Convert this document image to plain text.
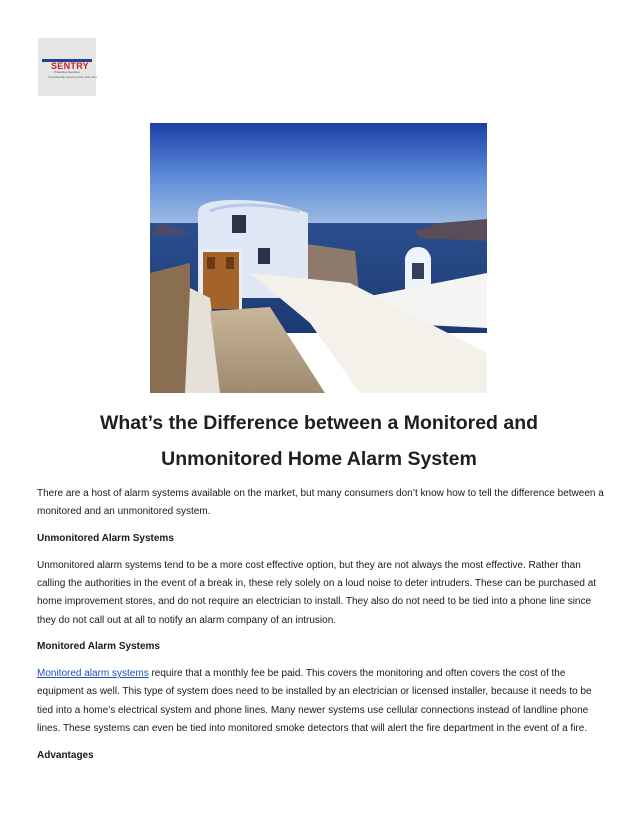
SENTRY
Protection Services
Your Advantage Security & More Since 19xx
What’s the Difference between a Monitored and
Unmonitored Home Alarm System

There are a host of alarm systems available on the market, but many consumers don’t know how to tell the difference between a monitored and an unmonitored system.

Unmonitored Alarm Systems

Unmonitored alarm systems tend to be a more cost effective option, but they are not always the most effective. Rather than calling the authorities in the event of a break in, these rely solely on a loud noise to deter intruders. These can be purchased at home improvement stores, and do not require an electrician to install. They also do not need to be tied into a phone line since they do not call out at all to notify an alarm company of an intrusion.

Monitored Alarm Systems

Monitored alarm systems require that a monthly fee be paid. This covers the monitoring and often covers the cost of the equipment as well. This type of system does need to be installed by an electrician or licensed installer, because it needs to be tied into a home’s electrical system and phone lines. Many newer systems use cellular connections instead of landline phone lines. These systems can even be tied into monitored smoke detectors that will alert the fire department in the event of a fire.

Advantages
